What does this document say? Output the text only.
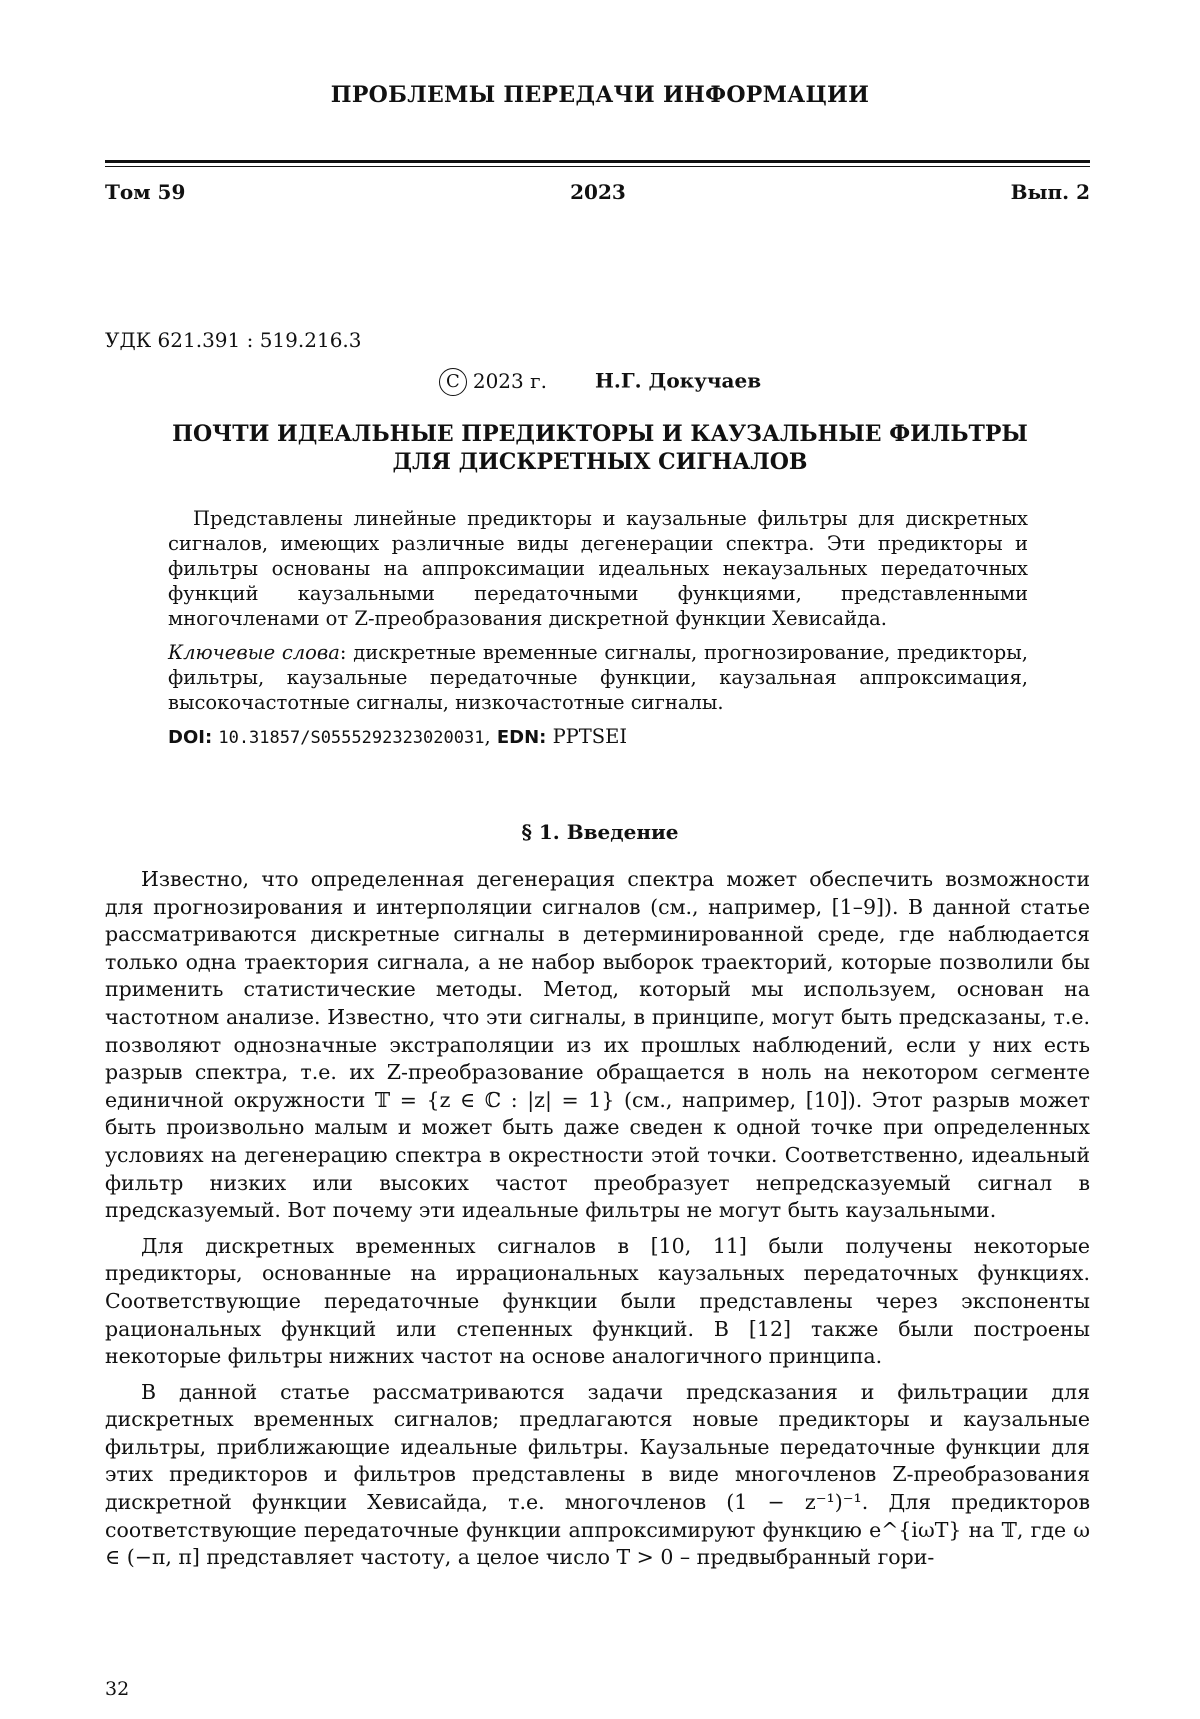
ПРОБЛЕМЫ ПЕРЕДАЧИ ИНФОРМАЦИИ
Том 59	2023	Вып. 2
УДК 621.391 : 519.216.3
C 2023 г. Н.Г. Докучаев
ПОЧТИ ИДЕАЛЬНЫЕ ПРЕДИКТОРЫ И КАУЗАЛЬНЫЕ ФИЛЬТРЫ
ДЛЯ ДИСКРЕТНЫХ СИГНАЛОВ

Представлены линейные предикторы и каузальные фильтры для дискретных сигналов, имеющих различные виды дегенерации спектра. Эти предикторы и фильтры основаны на аппроксимации идеальных некаузальных передаточных функций каузальными передаточными функциями, представленными многочленами от Z-преобразования дискретной функции Хевисайда.

Ключевые слова: дискретные временные сигналы, прогнозирование, предикторы, фильтры, каузальные передаточные функции, каузальная аппроксимация, высокочастотные сигналы, низкочастотные сигналы.

DOI: 10.31857/S0555292323020031, EDN: PPTSEI

§ 1. Введение

Известно, что определенная дегенерация спектра может обеспечить возможности для прогнозирования и интерполяции сигналов (см., например, [1–9]). В данной статье рассматриваются дискретные сигналы в детерминированной среде, где наблюдается только одна траектория сигнала, а не набор выборок траекторий, которые позволили бы применить статистические методы. Метод, который мы используем, основан на частотном анализе. Известно, что эти сигналы, в принципе, могут быть предсказаны, т.е. позволяют однозначные экстраполяции из их прошлых наблюдений, если у них есть разрыв спектра, т.е. их Z-преобразование обращается в ноль на некотором сегменте единичной окружности 𝕋 = {z ∈ ℂ : |z| = 1} (см., например, [10]). Этот разрыв может быть произвольно малым и может быть даже сведен к одной точке при определенных условиях на дегенерацию спектра в окрестности этой точки. Соответственно, идеальный фильтр низких или высоких частот преобразует непредсказуемый сигнал в предсказуемый. Вот почему эти идеальные фильтры не могут быть каузальными.

Для дискретных временных сигналов в [10, 11] были получены некоторые предикторы, основанные на иррациональных каузальных передаточных функциях. Соответствующие передаточные функции были представлены через экспоненты рациональных функций или степенных функций. В [12] также были построены некоторые фильтры нижних частот на основе аналогичного принципа.

В данной статье рассматриваются задачи предсказания и фильтрации для дискретных временных сигналов; предлагаются новые предикторы и каузальные фильтры, приближающие идеальные фильтры. Каузальные передаточные функции для этих предикторов и фильтров представлены в виде многочленов Z-преобразования дискретной функции Хевисайда, т.е. многочленов (1 − z⁻¹)⁻¹. Для предикторов соответствующие передаточные функции аппроксимируют функцию e^{iωT} на 𝕋, где ω ∈ (−π, π] представляет частоту, а целое число T > 0 – предвыбранный гори-

32
